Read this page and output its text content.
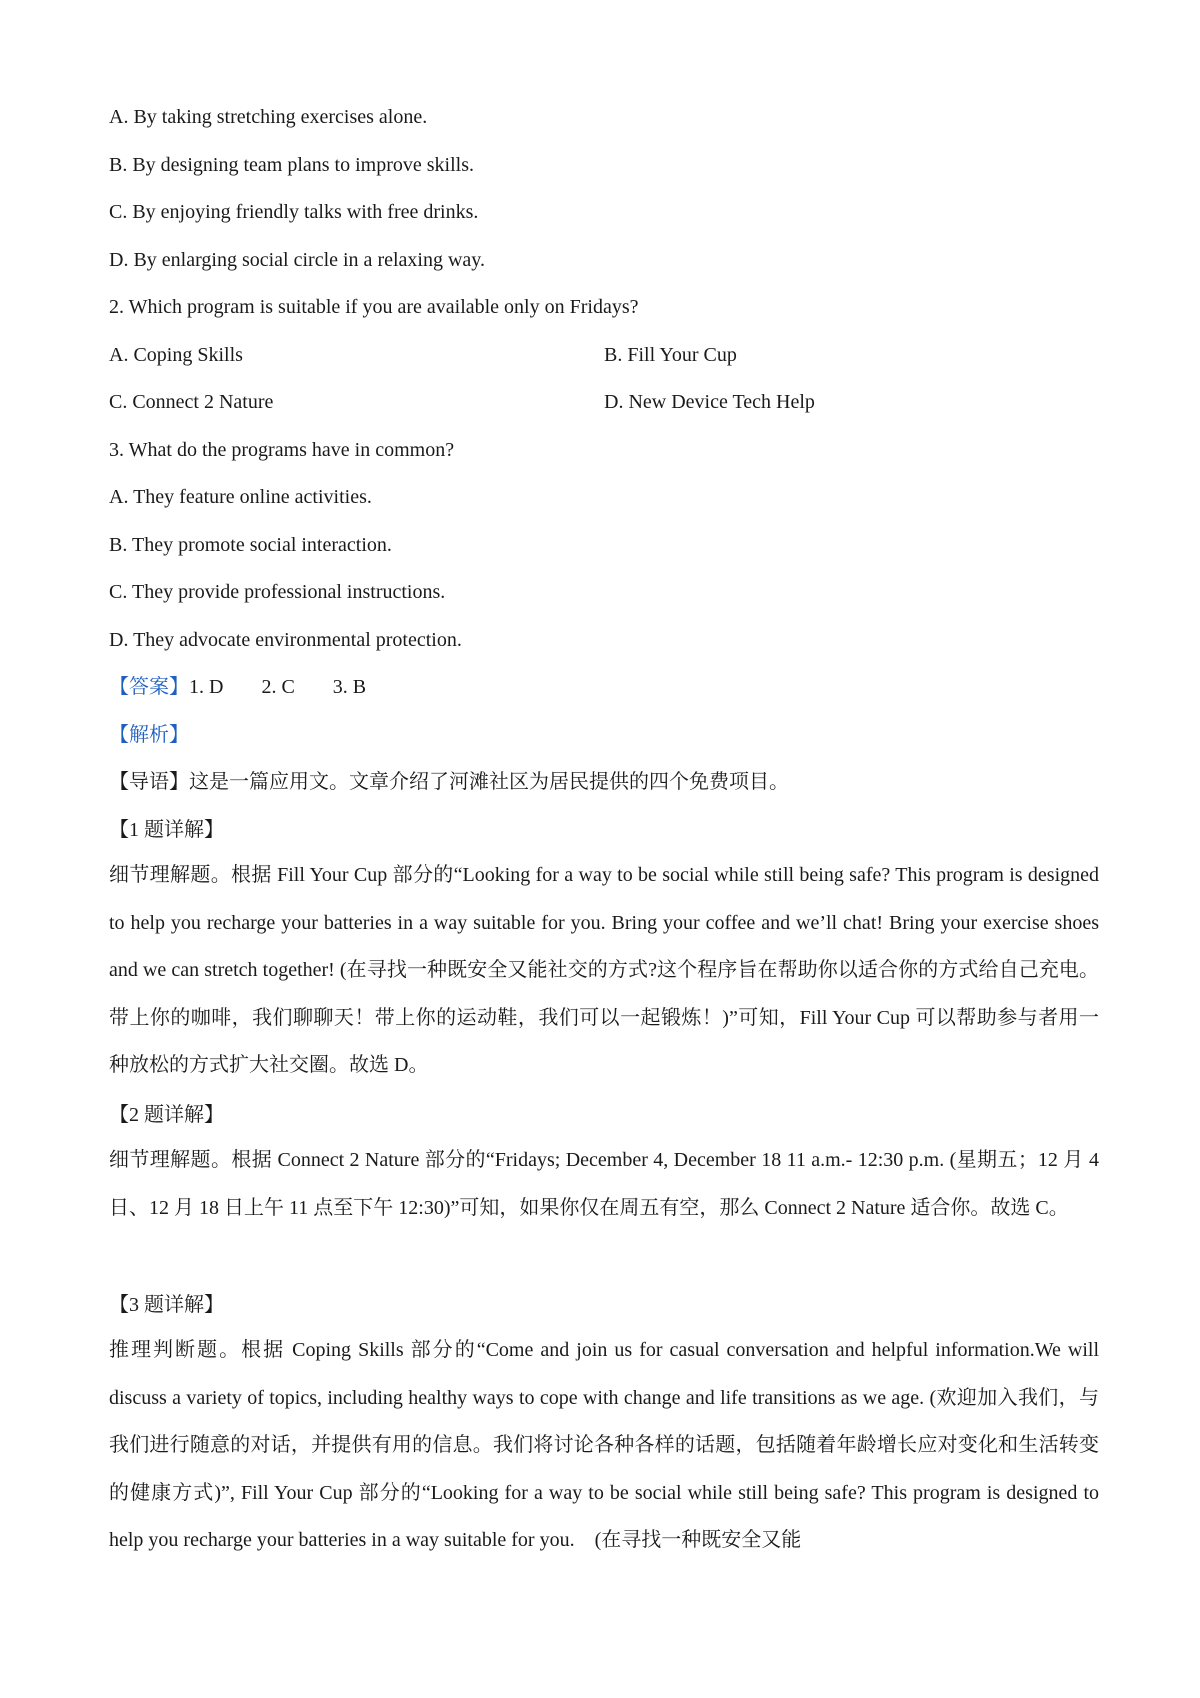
A. By taking stretching exercises alone.
B. By designing team plans to improve skills.
C. By enjoying friendly talks with free drinks.
D. By enlarging social circle in a relaxing way.
2. Which program is suitable if you are available only on Fridays?
A. Coping Skills	B. Fill Your Cup
C. Connect 2 Nature	D. New Device Tech Help
3. What do the programs have in common?
A. They feature online activities.
B. They promote social interaction.
C. They provide professional instructions.
D. They advocate environmental protection.
【答案】1. D 2. C 3. B
【解析】
【导语】这是一篇应用文。文章介绍了河滩社区为居民提供的四个免费项目。
【1 题详解】
细节理解题。根据 Fill Your Cup 部分的“Looking for a way to be social while still being safe? This program is designed to help you recharge your batteries in a way suitable for you. Bring your coffee and we’ll chat! Bring your exercise shoes and we can stretch together! (在寻找一种既安全又能社交的方式?这个程序旨在帮助你以适合你的方式给自己充电。带上你的咖啡，我们聊聊天！带上你的运动鞋，我们可以一起锻炼！)”可知，Fill Your Cup 可以帮助参与者用一种放松的方式扩大社交圈。故选 D。
【2 题详解】
细节理解题。根据 Connect 2 Nature 部分的“Fridays; December 4, December 18 11 a.m.- 12:30 p.m. (星期五；12 月 4 日、12 月 18 日上午 11 点至下午 12:30)”可知，如果你仅在周五有空，那么 Connect 2 Nature 适合你。故选 C。
【3 题详解】
推理判断题。根据 Coping Skills 部分的“Come and join us for casual conversation and helpful information.We will discuss a variety of topics, including healthy ways to cope with change and life transitions as we age. (欢迎加入我们，与我们进行随意的对话，并提供有用的信息。我们将讨论各种各样的话题，包括随着年龄增长应对变化和生活转变的健康方式)”, Fill Your Cup 部分的“Looking for a way to be social while still being safe? This program is designed to help you recharge your batteries in a way suitable for you.　(在寻找一种既安全又能
